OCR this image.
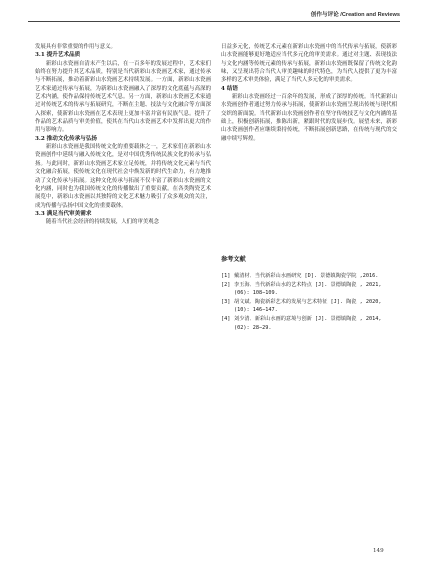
创作与评论 /Creation and Reviews

发展具有非常重要的作用与意义。

3.1 提升艺术品质

新彩山水瓷画自清末产生以后，在一百多年的发展过程中，艺术家们始终在努力提升其艺术品质，特别是当代新彩山水瓷画艺术家，通过传承与不断拓展，推动着新彩山水瓷画艺术持续发展。一方面，新彩山水瓷画艺术家通过传承与拓展，为新彩山水瓷画融入了深厚的文化底蕴与高深的艺术内涵，使作品保持传统艺术气息。另一方面，新彩山水瓷画艺术家通过对传统艺术的传承与拓展研究，不断在主题、技法与文化融合等方面深入探索，使新彩山水瓷画在艺术表现上更加丰富并富有民族气息。提升了作品的艺术品质与审美价值，使其在当代山水瓷画艺术中发挥出更大的作用与影响力。

3.2 推动文化传承与弘扬

新彩山水瓷画是我国传统文化的重要载体之一，艺术家们在新彩山水瓷画创作中延续与融入传统文化，是对中国优秀传统民族文化的传承与弘扬。与此同时，新彩山水瓷画艺术家立足传统，并将传统文化元素与当代文化融合拓展，使传统文化在现代社会中焕发新的时代生命力，有力地推动了文化传承与拓展。这种文化传承与拓展不仅丰富了新彩山水瓷画的文化内涵，同时也为我国传统文化的传播做出了重要贡献。在各类陶瓷艺术展览中，新彩山水瓷画以其独特的文化艺术魅力吸引了众多观众的关注，成为传播与弘扬中国文化的重要载体。

3.3 满足当代审美需求

随着当代社会经济的持续发展，人们的审美观念

日益多元化，传统艺术元素在新彩山水瓷画中的当代传承与拓展，使新彩山水瓷画能够更好地适应当代多元化的审美需求。通过对主题、表现技法与文化内涵等传统元素的传承与拓展，新彩山水瓷画既保留了传统文化韵味，又呈现出符合当代人审美趣味的时代特色，为当代人提供了更为丰富多样的艺术审美体验，满足了当代人多元化的审美需求。

4 结语

新彩山水瓷画经过一百余年的发展，形成了深厚的传统。当代新彩山水瓷画创作者通过努力传承与拓展，使新彩山水瓷画呈现出传统与现代相交织的新面貌。当代新彩山水瓷画创作者在坚守传统技艺与文化内涵的基础上，积极创新拓展，推陈出新，紧跟时代的发展步伐。展望未来，新彩山水瓷画创作者应继续秉持传统，不断拓展创新思路，在传统与现代的交融中续写辉煌。

参考文献
[1] 戴清材．当代新彩山水画研究 [D]. 景德镇陶瓷学院 ,2016.
[2] 李玉海．当代新彩山水的艺术特点 [J]. 景德镇陶瓷 , 2021, (06): 108−109.
[3] 胡文斌．陶瓷新彩艺术的发展与艺术特征 [J]. 陶瓷 , 2020, (10): 146−147.
[4] 刘少清．新彩山水画的意境与创新 [J]. 景德镇陶瓷 , 2014, (02): 28−29.
149
